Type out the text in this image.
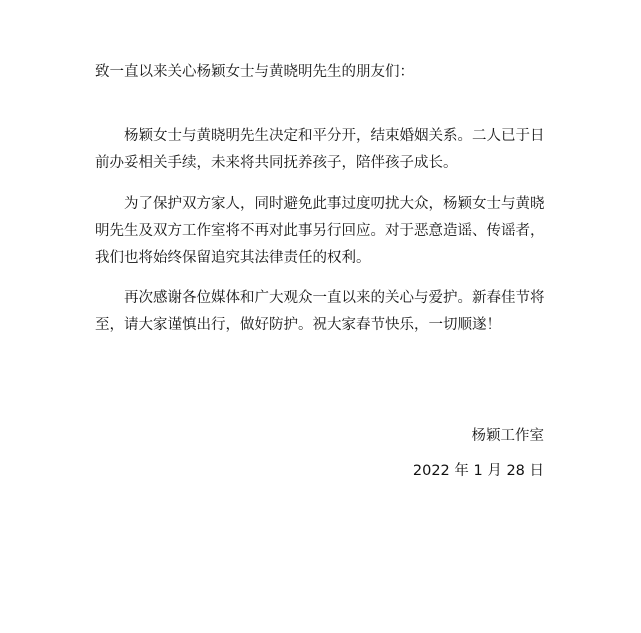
致一直以来关心杨颖女士与黄晓明先生的朋友们：
杨颖女士与黄晓明先生决定和平分开，结束婚姻关系。二人已于日前办妥相关手续，未来将共同抚养孩子，陪伴孩子成长。
为了保护双方家人，同时避免此事过度叨扰大众，杨颖女士与黄晓明先生及双方工作室将不再对此事另行回应。对于恶意造谣、传谣者，我们也将始终保留追究其法律责任的权利。
再次感谢各位媒体和广大观众一直以来的关心与爱护。新春佳节将至，请大家谨慎出行，做好防护。祝大家春节快乐，一切顺遂！
杨颖工作室
2022 年 1 月 28 日
